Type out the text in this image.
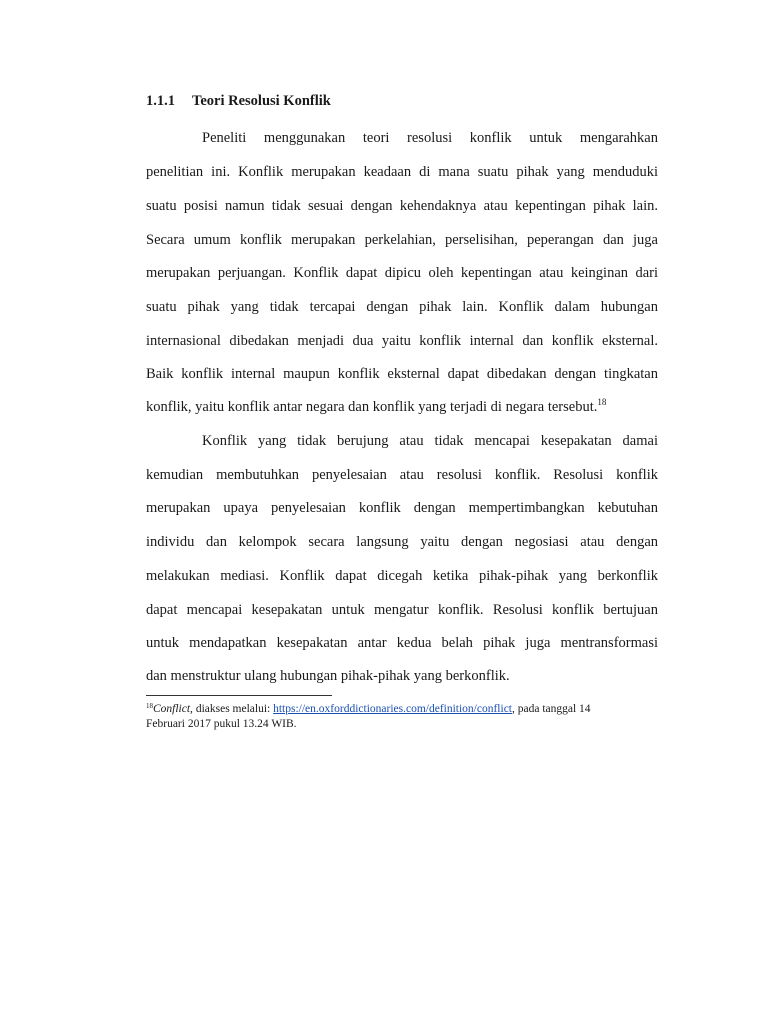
1.1.1 Teori Resolusi Konflik
Peneliti menggunakan teori resolusi konflik untuk mengarahkan
penelitian ini. Konflik merupakan keadaan di mana suatu pihak yang menduduki
suatu posisi namun tidak sesuai dengan kehendaknya atau kepentingan pihak lain.
Secara umum konflik merupakan perkelahian, perselisihan, peperangan dan juga
merupakan perjuangan. Konflik dapat dipicu oleh kepentingan atau keinginan dari
suatu pihak yang tidak tercapai dengan pihak lain. Konflik dalam hubungan
internasional dibedakan menjadi dua yaitu konflik internal dan konflik eksternal.
Baik konflik internal maupun konflik eksternal dapat dibedakan dengan tingkatan
konflik, yaitu konflik antar negara dan konflik yang terjadi di negara tersebut.$^{18}$
Konflik yang tidak berujung atau tidak mencapai kesepakatan damai
kemudian membutuhkan penyelesaian atau resolusi konflik. Resolusi konflik
merupakan upaya penyelesaian konflik dengan mempertimbangkan kebutuhan
individu dan kelompok secara langsung yaitu dengan negosiasi atau dengan
melakukan mediasi. Konflik dapat dicegah ketika pihak-pihak yang berkonflik
dapat mencapai kesepakatan untuk mengatur konflik. Resolusi konflik bertujuan
untuk mendapatkan kesepakatan antar kedua belah pihak juga mentransformasi
dan menstruktur ulang hubungan pihak-pihak yang berkonflik.
$^{18}$Conflict, diakses melalui: https://en.oxforddictionaries.com/definition/conflict, pada tanggal 14
Februari 2017 pukul 13.24 WIB.
